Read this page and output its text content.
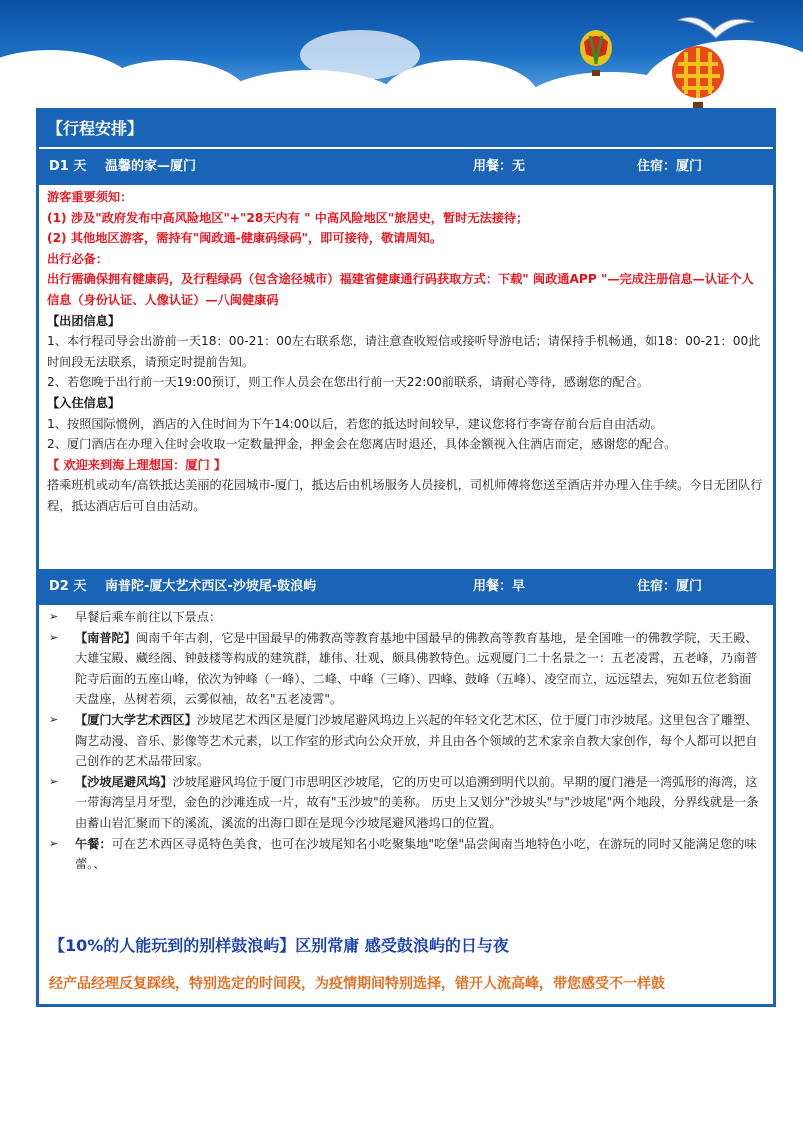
【行程安排】
D1 天 温馨的家—厦门	用餐：无	住宿：厦门

游客重要须知：

(1) 涉及"政府发布中高风险地区"+"28天内有 " 中高风险地区"旅居史，暂时无法接待；

(2) 其他地区游客，需持有"闽政通-健康码绿码"，即可接待，敬请周知。

出行必备：

出行需确保拥有健康码，及行程绿码（包含途径城市）福建省健康通行码获取方式：下载" 闽政通APP "—完成注册信息—认证个人信息（身份认证、人像认证）—八闽健康码

【出团信息】

1、本行程司导会出游前一天18：00-21：00左右联系您，请注意查收短信或接听导游电话；请保持手机畅通，如18：00-21：00此时间段无法联系，请预定时提前告知。

2、若您晚于出行前一天19:00预订，则工作人员会在您出行前一天22:00前联系，请耐心等待，感谢您的配合。

【入住信息】

1、按照国际惯例，酒店的入住时间为下午14:00以后，若您的抵达时间较早，建议您将行李寄存前台后自由活动。

2、厦门酒店在办理入住时会收取一定数量押金，押金会在您离店时退还，具体金额视入住酒店而定，感谢您的配合。

【 欢迎来到海上理想国：厦门 】

搭乘班机或动车/高铁抵达美丽的花园城市-厦门，抵达后由机场服务人员接机，司机师傅将您送至酒店并办理入住手续。今日无团队行程，抵达酒店后可自由活动。

D2 天 南普陀-厦大艺术西区-沙坡尾-鼓浪屿	用餐：早	住宿：厦门

➢ 早餐后乘车前往以下景点：

➢ 【南普陀】闽南千年古刹，它是中国最早的佛教高等教育基地中国最早的佛教高等教育基地，是全国唯一的佛教学院，天王殿、大雄宝殿、藏经阁、钟鼓楼等构成的建筑群，雄伟、壮观、颇具佛教特色。远观厦门二十名景之一：五老凌霄，五老峰，乃南普陀寺后面的五座山峰，依次为钟峰（一峰）、二峰、中峰（三峰）、四峰、鼓峰（五峰）、凌空而立，远远望去，宛如五位老翁面天盘座，丛树若须，云雾似袖，故名"五老凌霄"。

➢ 【厦门大学艺术西区】沙坡尾艺术西区是厦门沙坡尾避风坞边上兴起的年轻文化艺术区，位于厦门市沙坡尾。这里包含了雕塑、陶艺动漫、音乐、影像等艺术元素，以工作室的形式向公众开放，并且由各个领域的艺术家亲自教大家创作，每个人都可以把自己创作的艺术品带回家。

➢ 【沙坡尾避风坞】沙坡尾避风坞位于厦门市思明区沙坡尾，它的历史可以追溯到明代以前。早期的厦门港是一湾弧形的海湾，这一带海湾呈月牙型，金色的沙滩连成一片，故有"玉沙坡"的美称。 历史上又划分"沙坡头"与"沙坡尾"两个地段，分界线就是一条由蓄山岩汇聚而下的溪流，溪流的出海口即在是现今沙坡尾避风港坞口的位置。

➢ 午餐：可在艺术西区寻觅特色美食，也可在沙坡尾知名小吃聚集地"吃堡"品尝闽南当地特色小吃，在游玩的同时又能满足您的味蕾。、

【10%的人能玩到的别样鼓浪屿】区别常庸 感受鼓浪屿的日与夜
经产品经理反复踩线，特别选定的时间段，为疫情期间特别选择，错开人流高峰，带您感受不一样鼓
